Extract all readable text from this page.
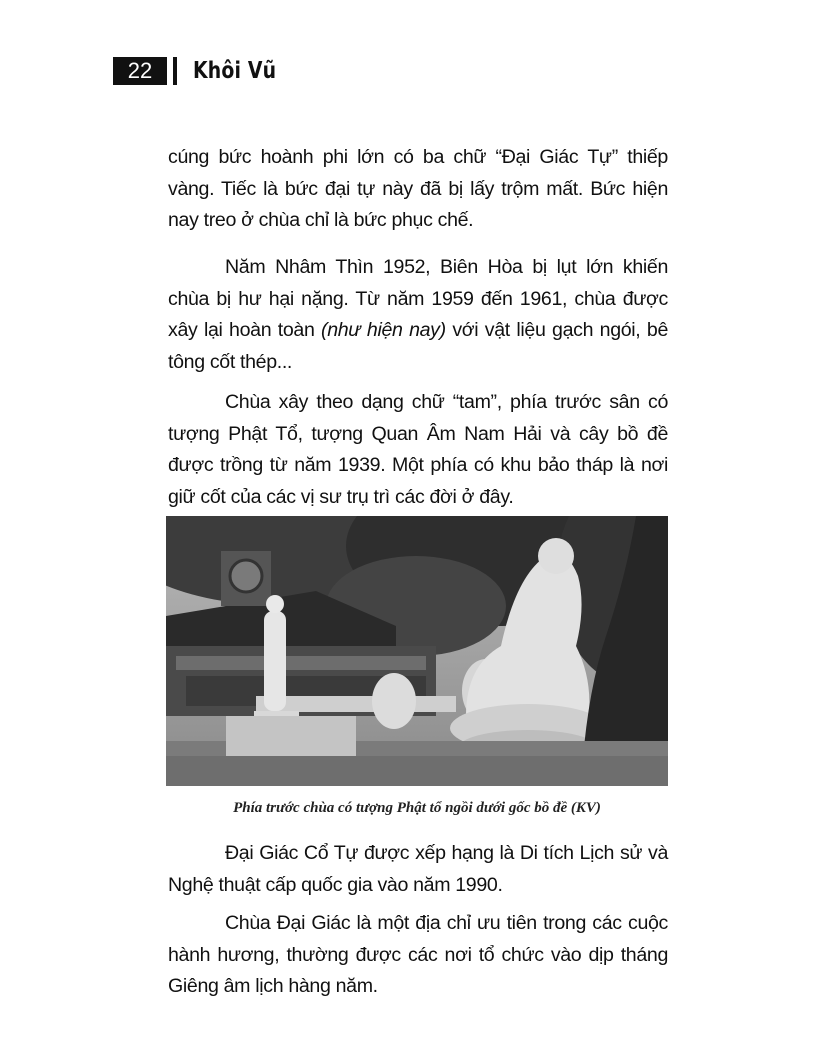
22	Khôi Vũ

cúng bức hoành phi lớn có ba chữ “Đại Giác Tự” thiếp vàng. Tiếc là bức đại tự này đã bị lấy trộm mất. Bức hiện nay treo ở chùa chỉ là bức phục chế.

Năm Nhâm Thìn 1952, Biên Hòa bị lụt lớn khiến chùa bị hư hại nặng. Từ năm 1959 đến 1961, chùa được xây lại hoàn toàn (như hiện nay) với vật liệu gạch ngói, bê tông cốt thép...

Chùa xây theo dạng chữ “tam”, phía trước sân có tượng Phật Tổ, tượng Quan Âm Nam Hải và cây bồ đề được trồng từ năm 1939. Một phía có khu bảo tháp là nơi giữ cốt của các vị sư trụ trì các đời ở đây.

Phía trước chùa có tượng Phật tổ ngồi dưới gốc bồ đề (KV)

Đại Giác Cổ Tự được xếp hạng là Di tích Lịch sử và Nghệ thuật cấp quốc gia vào năm 1990.

Chùa Đại Giác là một địa chỉ ưu tiên trong các cuộc hành hương, thường được các nơi tổ chức vào dịp tháng Giêng âm lịch hàng năm.
